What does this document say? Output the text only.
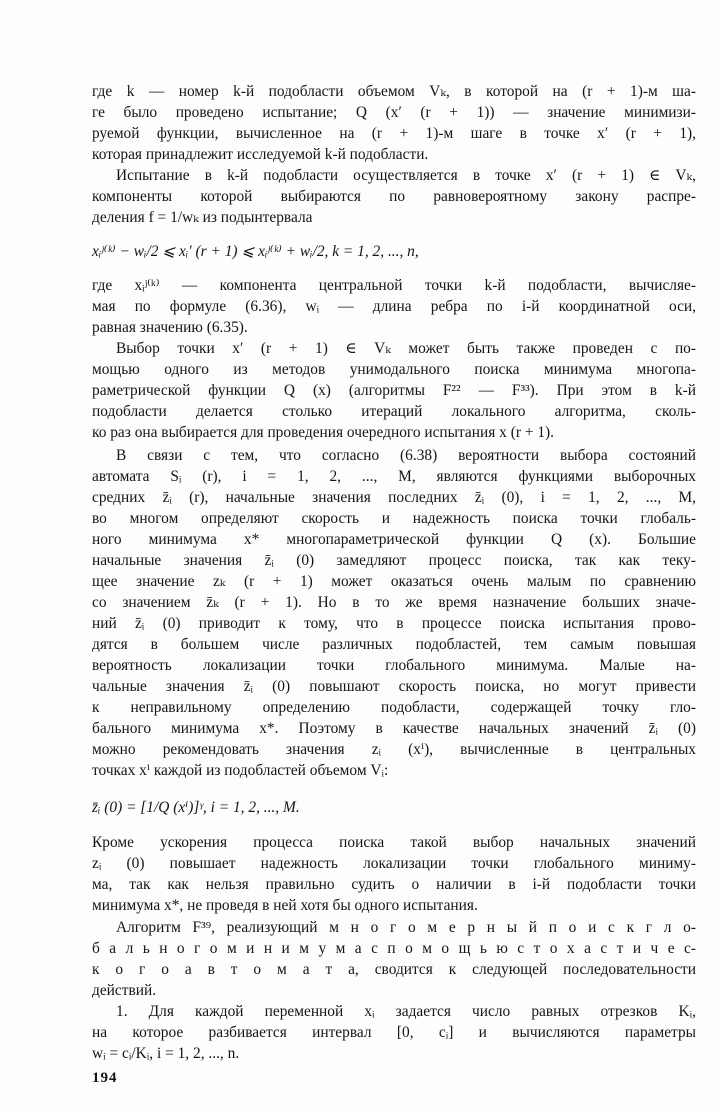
где k — номер k-й подобласти объемом Vₖ, в которой на (r + 1)-м ша-
ге было проведено испытание; Q (x′ (r + 1)) — значение минимизи-
руемой функции, вычисленное на (r + 1)-м шаге в точке x′ (r + 1),
которая принадлежит исследуемой k-й подобласти.
Испытание в k-й подобласти осуществляется в точке x′ (r + 1) ∈ Vₖ,
компоненты которой выбираются по равновероятному закону распре-
деления f = 1/wₖ из подынтервала
xᵢʲ⁽ᵏ⁾ − wᵢ/2 ⩽ xᵢ′ (r + 1) ⩽ xᵢʲ⁽ᵏ⁾ + wᵢ/2, k = 1, 2, ..., n,
где xᵢʲ⁽ᵏ⁾ — компонента центральной точки k-й подобласти, вычисляе-
мая по формуле (6.36), wᵢ — длина ребра по i-й координатной оси,
равная значению (6.35).
Выбор точки x′ (r + 1) ∈ Vₖ может быть также проведен с по-
мощью одного из методов унимодального поиска минимума многопа-
раметрической функции Q (x) (алгоритмы F²² — F³³). При этом в k-й
подобласти делается столько итераций локального алгоритма, сколь-
ко раз она выбирается для проведения очередного испытания x (r + 1).
В связи с тем, что согласно (6.38) вероятности выбора состояний
автомата Sᵢ (r), i = 1, 2, ..., M, являются функциями выборочных
средних z̄ᵢ (r), начальные значения последних z̄ᵢ (0), i = 1, 2, ..., M,
во многом определяют скорость и надежность поиска точки глобаль-
ного минимума x* многопараметрической функции Q (x). Большие
начальные значения z̄ᵢ (0) замедляют процесс поиска, так как теку-
щее значение zₖ (r + 1) может оказаться очень малым по сравнению
со значением z̄ₖ (r + 1). Но в то же время назначение больших значе-
ний z̄ᵢ (0) приводит к тому, что в процессе поиска испытания прово-
дятся в большем числе различных подобластей, тем самым повышая
вероятность локализации точки глобального минимума. Малые на-
чальные значения z̄ᵢ (0) повышают скорость поиска, но могут привести
к неправильному определению подобласти, содержащей точку гло-
бального минимума x*. Поэтому в качестве начальных значений z̄ᵢ (0)
можно рекомендовать значения zᵢ (xⁱ), вычисленные в центральных
точках xⁱ каждой из подобластей объемом Vᵢ:
z̄ᵢ (0) = [1/Q (xⁱ)]ᵞ, i = 1, 2, ..., M.
Кроме ускорения процесса поиска такой выбор начальных значений
zᵢ (0) повышает надежность локализации точки глобального миниму-
ма, так как нельзя правильно судить о наличии в i-й подобласти точки
минимума x*, не проведя в ней хотя бы одного испытания.
Алгоритм F³⁹, реализующий м н о г о м е р н ы й п о и с к г л о-
б а л ь н о г о м и н и м у м а с п о м о щ ь ю с т о х а с т и ч е с-
к о г о а в т о м а т а, сводится к следующей последовательности
действий.
1. Для каждой переменной xᵢ задается число равных отрезков Kᵢ,
на которое разбивается интервал [0, cᵢ] и вычисляются параметры
wᵢ = cᵢ/Kᵢ, i = 1, 2, ..., n.
194
